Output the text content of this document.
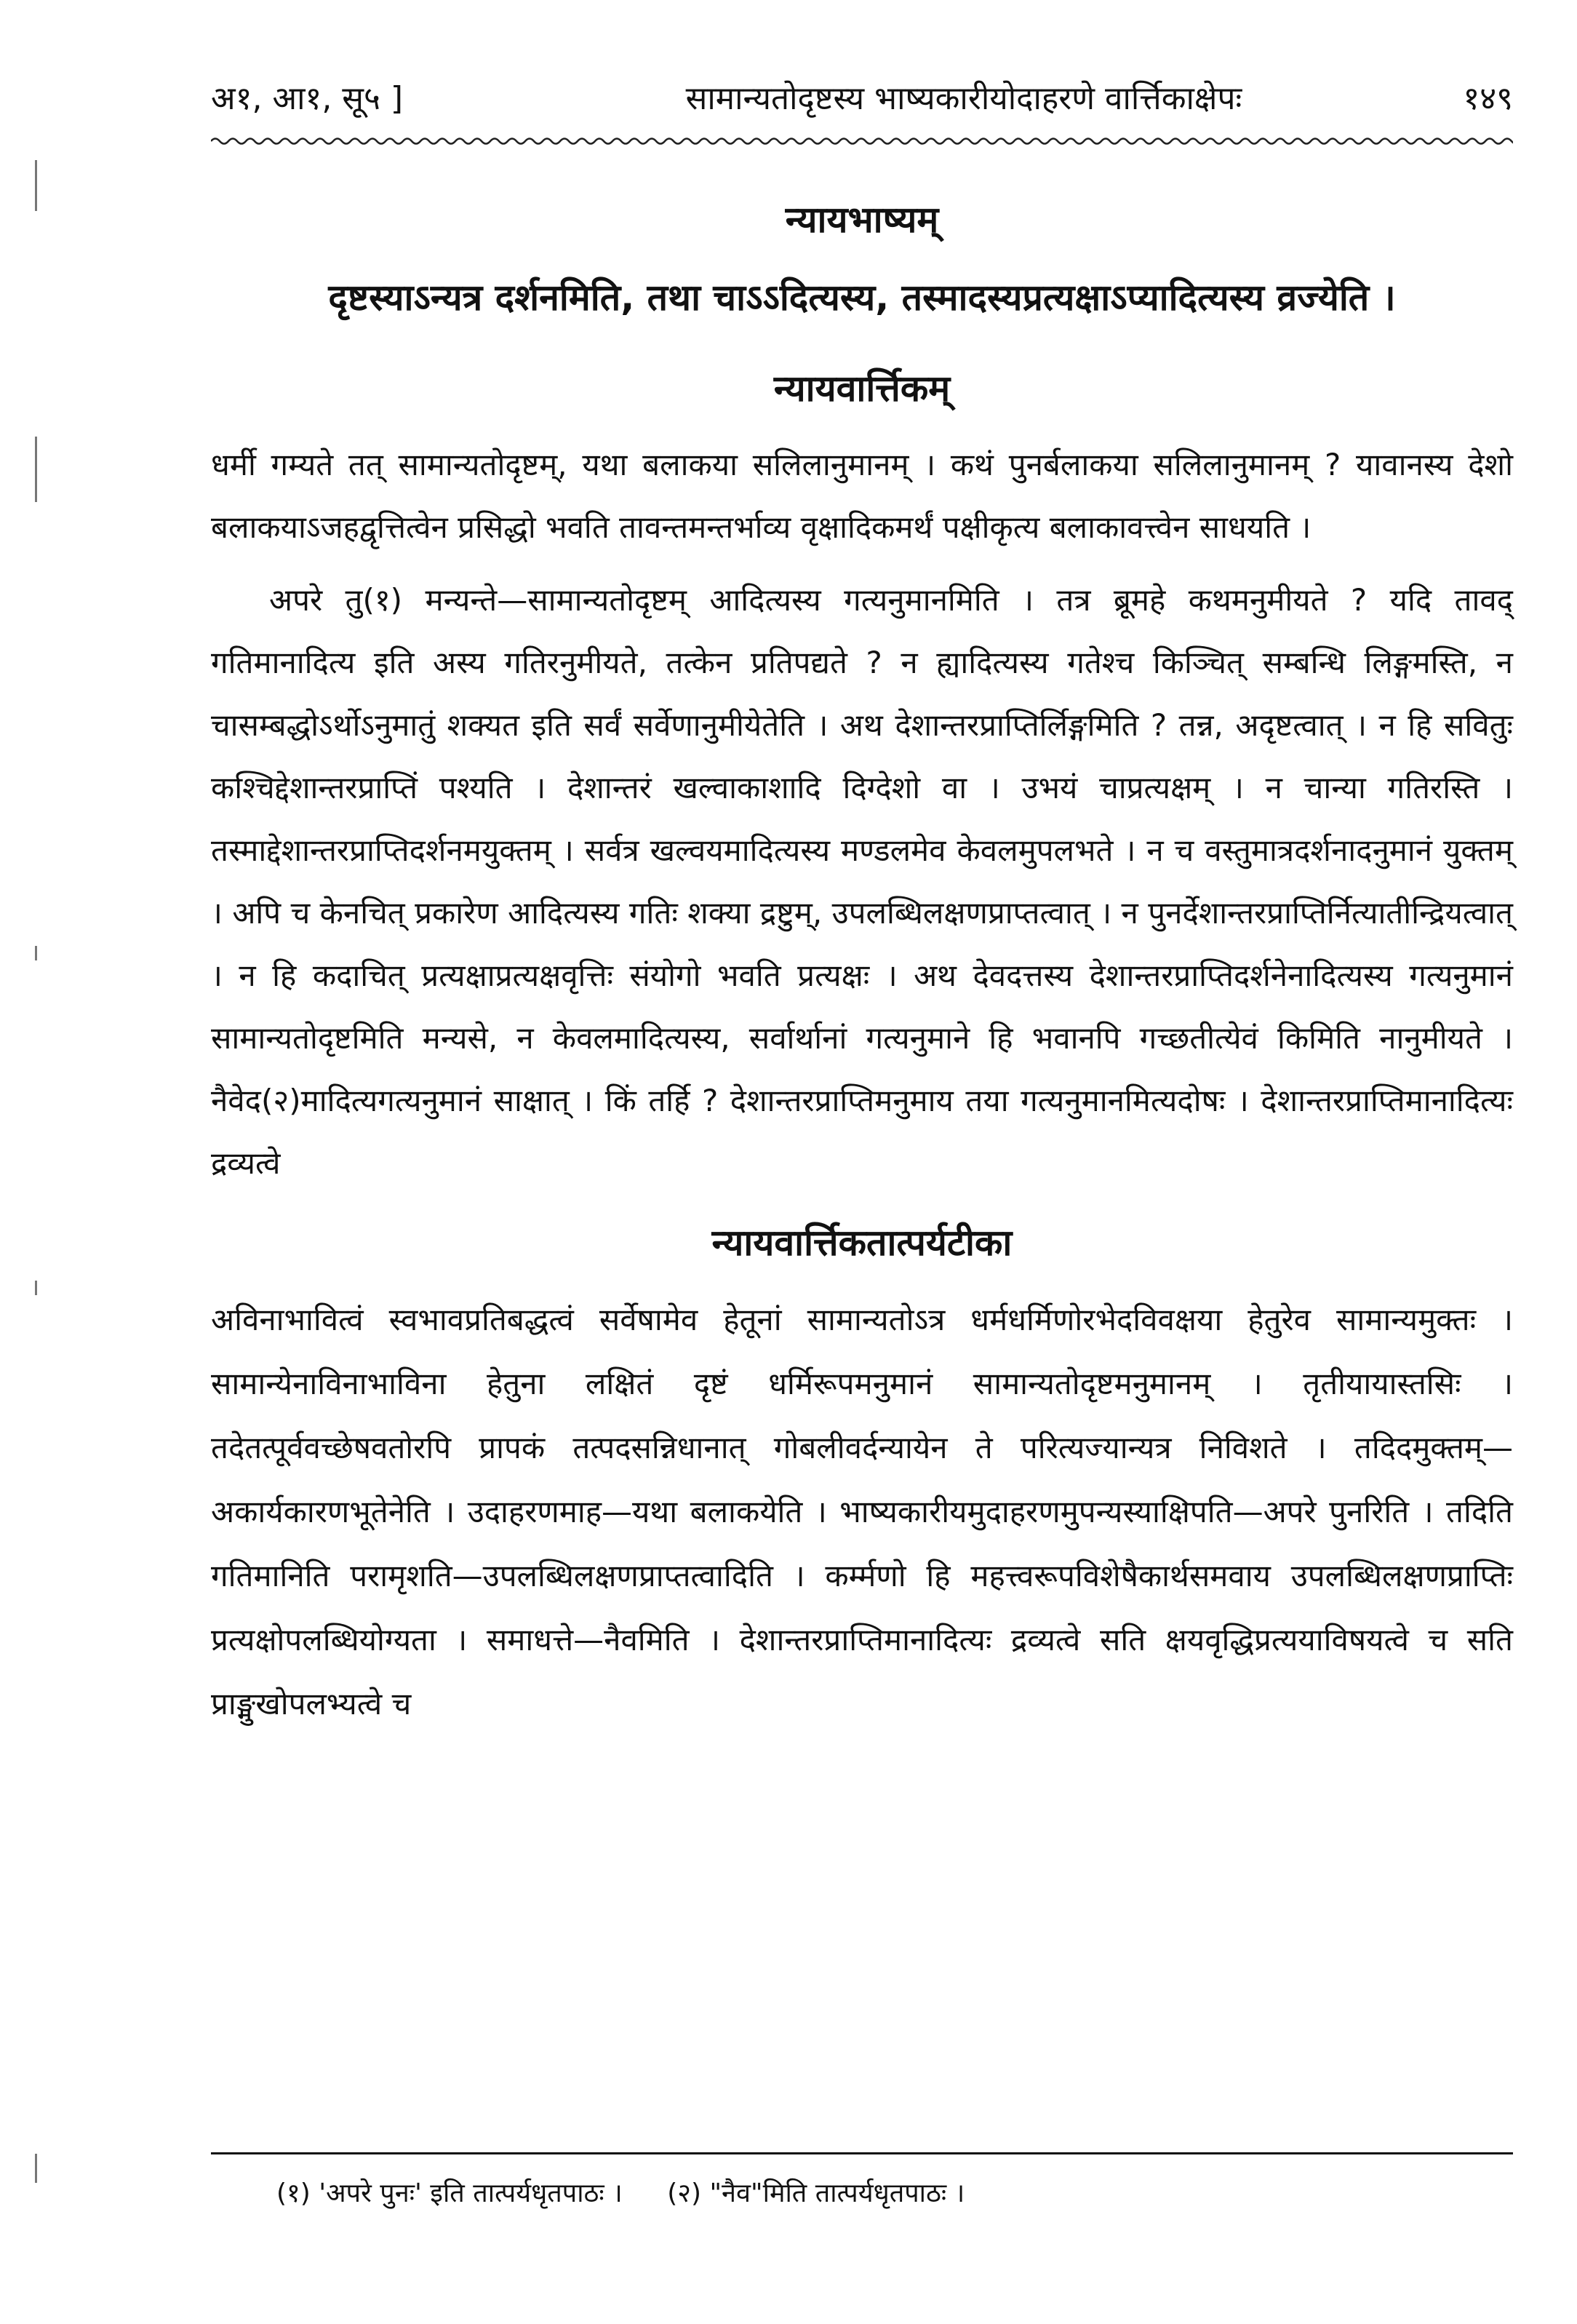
अ१, आ१, सू५ ]	सामान्यतोदृष्टस्य भाष्यकारीयोदाहरणे वार्त्तिकाक्षेपः	१४९
न्यायभाष्यम्
दृष्टस्याऽन्यत्र दर्शनमिति, तथा चाऽऽदित्यस्य, तस्मादस्यप्रत्यक्षाऽप्यादित्यस्य व्रज्येति ।
न्यायवार्त्तिकम्

धर्मी गम्यते तत् सामान्यतोदृष्टम्, यथा बलाकया सलिलानुमानम् । कथं पुनर्बलाकया सलिलानुमानम् ? यावानस्य देशो बलाकयाऽजहद्वृत्तित्वेन प्रसिद्धो भवति तावन्तमन्तर्भाव्य वृक्षादिकमर्थं पक्षीकृत्य बलाकावत्त्वेन साधयति ।

अपरे तु(१) मन्यन्ते—सामान्यतोदृष्टम् आदित्यस्य गत्यनुमानमिति । तत्र ब्रूमहे कथमनुमीयते ? यदि तावद् गतिमानादित्य इति अस्य गतिरनुमीयते, तत्केन प्रतिपद्यते ? न ह्यादित्यस्य गतेश्च किञ्चित् सम्बन्धि लिङ्गमस्ति, न चासम्बद्धोऽर्थोऽनुमातुं शक्यत इति सर्वं सर्वेणानुमीयेतेति । अथ देशान्तरप्राप्तिर्लिङ्गमिति ? तन्न, अदृष्टत्वात् । न हि सवितुः कश्चिद्देशान्तरप्राप्तिं पश्यति । देशान्तरं खल्वाकाशादि दिग्देशो वा । उभयं चाप्रत्यक्षम् । न चान्या गतिरस्ति । तस्माद्देशान्तरप्राप्तिदर्शनमयुक्तम् । सर्वत्र खल्वयमादित्यस्य मण्डलमेव केवलमुपलभते । न च वस्तुमात्रदर्शनादनुमानं युक्तम् । अपि च केनचित् प्रकारेण आदित्यस्य गतिः शक्या द्रष्टुम्, उपलब्धिलक्षणप्राप्तत्वात् । न पुनर्देशान्तरप्राप्तिर्नित्यातीन्द्रियत्वात् । न हि कदाचित् प्रत्यक्षाप्रत्यक्षवृत्तिः संयोगो भवति प्रत्यक्षः । अथ देवदत्तस्य देशान्तरप्राप्तिदर्शनेनादित्यस्य गत्यनुमानं सामान्यतोदृष्टमिति मन्यसे, न केवलमादित्यस्य, सर्वार्थानां गत्यनुमाने हि भवानपि गच्छतीत्येवं किमिति नानुमीयते । नैवेद(२)मादित्यगत्यनुमानं साक्षात् । किं तर्हि ? देशान्तरप्राप्तिमनुमाय तया गत्यनुमानमित्यदोषः । देशान्तरप्राप्तिमानादित्यः द्रव्यत्वे

न्यायवार्त्तिकतात्पर्यटीका

अविनाभावित्वं स्वभावप्रतिबद्धत्वं सर्वेषामेव हेतूनां सामान्यतोऽत्र धर्मधर्मिणोरभेदविवक्षया हेतुरेव सामान्यमुक्तः । सामान्येनाविनाभाविना हेतुना लक्षितं दृष्टं धर्मिरूपमनुमानं सामान्यतोदृष्टमनुमानम् । तृतीयायास्तसिः । तदेतत्पूर्ववच्छेषवतोरपि प्रापकं तत्पदसन्निधानात् गोबलीवर्दन्यायेन ते परित्यज्यान्यत्र निविशते । तदिदमुक्तम्—अकार्यकारणभूतेनेति । उदाहरणमाह—यथा बलाकयेति । भाष्यकारीयमुदाहरणमुपन्यस्याक्षिपति—अपरे पुनरिति । तदिति गतिमानिति परामृशति—उपलब्धिलक्षणप्राप्तत्वादिति । कर्म्मणो हि महत्त्वरूपविशेषैकार्थसमवाय उपलब्धिलक्षणप्राप्तिः प्रत्यक्षोपलब्धियोग्यता । समाधत्ते—नैवमिति । देशान्तरप्राप्तिमानादित्यः द्रव्यत्वे सति क्षयवृद्धिप्रत्ययाविषयत्वे च सति प्राङ्मुखोपलभ्यत्वे च

(१) 'अपरे पुनः' इति तात्पर्यधृतपाठः । (२) "नैव"मिति तात्पर्यधृतपाठः ।
